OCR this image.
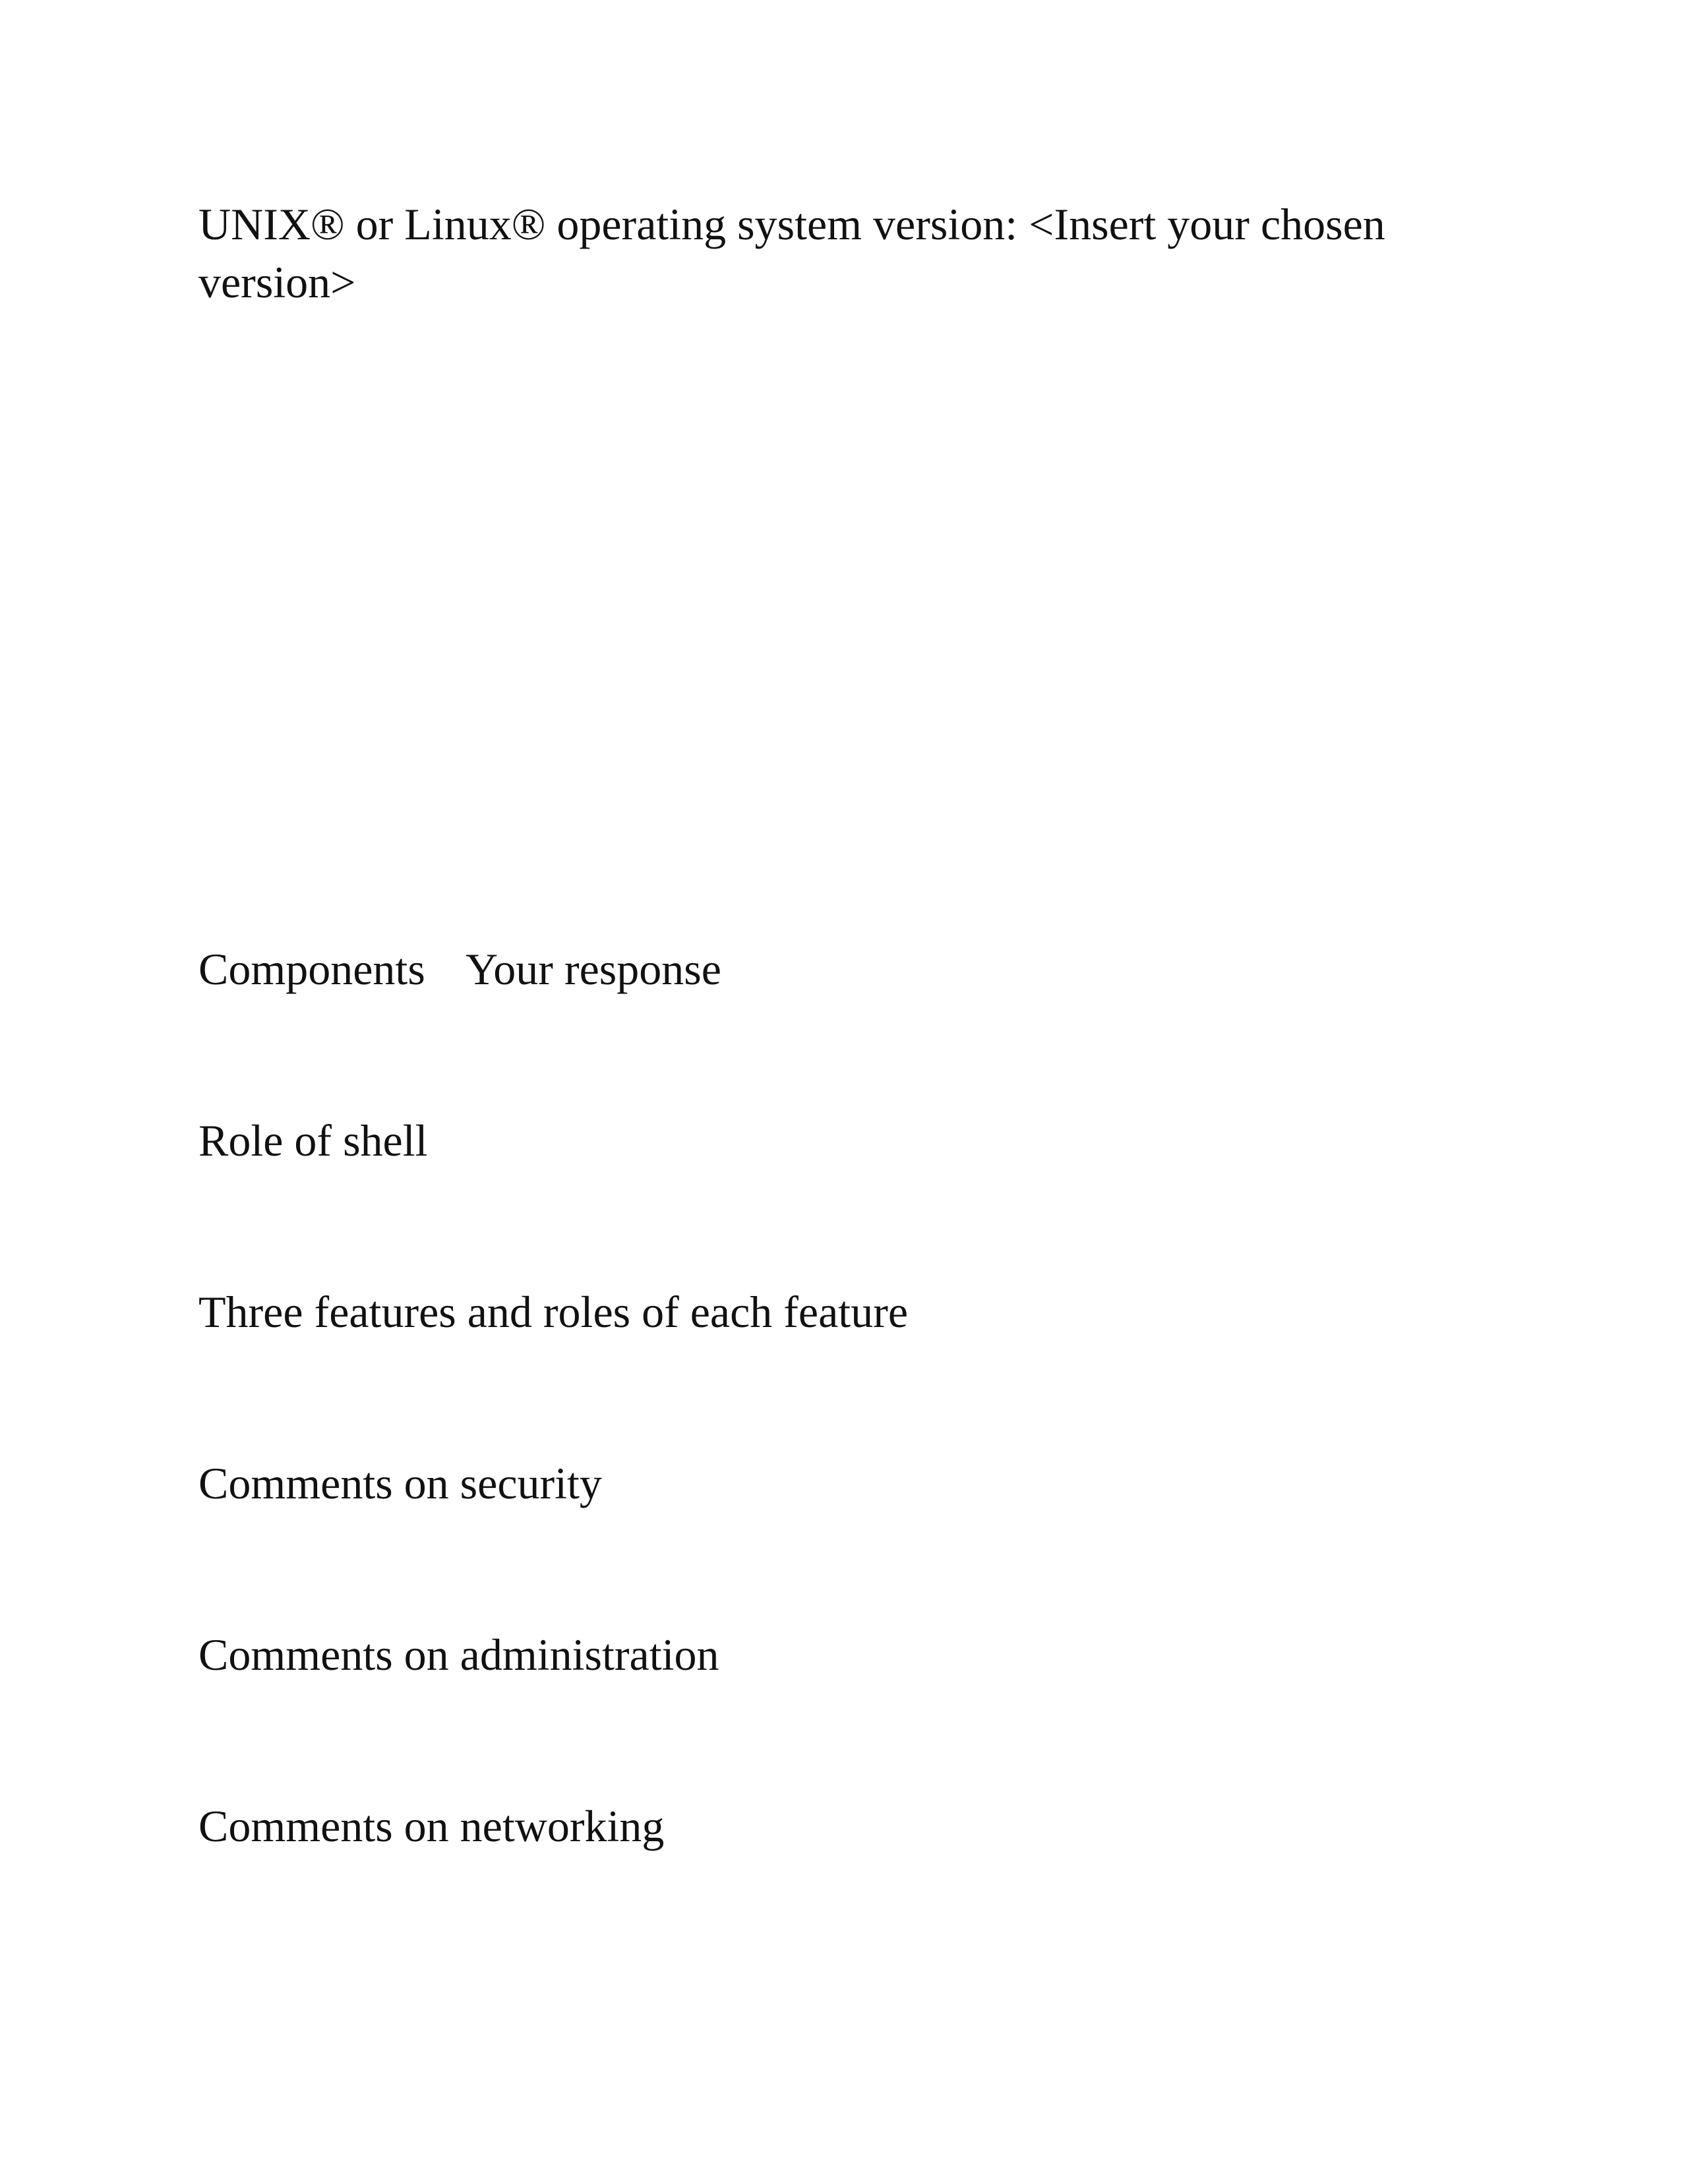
UNIX® or Linux® operating system version: <Insert your chosen
version>

Components Your response

Role of shell

Three features and roles of each feature

Comments on security

Comments on administration

Comments on networking
